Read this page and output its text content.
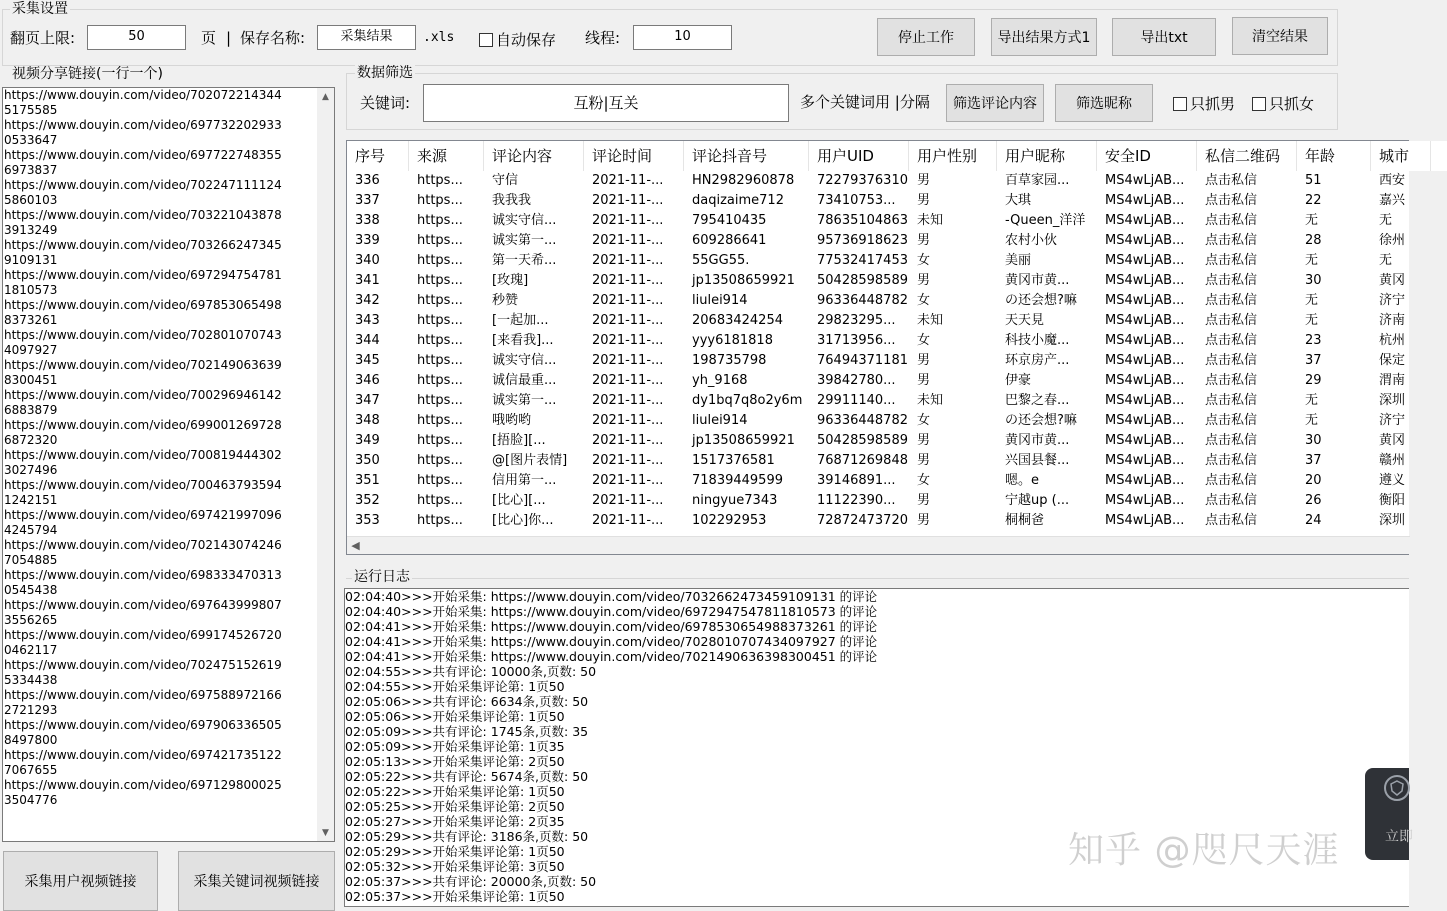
采集设置
翻页上限:	50	页 | 保存名称:	采集结果	.xls	自动保存 线程:	10	停止工作	导出结果方式1	导出txt	清空结果
视频分享链接(一行一个)
https://www.douyin.com/video/702072214344
5175585
https://www.douyin.com/video/697732202933
0533647
https://www.douyin.com/video/697722748355
6973837
https://www.douyin.com/video/702247111124
5860103
https://www.douyin.com/video/703221043878
3913249
https://www.douyin.com/video/703266247345
9109131
https://www.douyin.com/video/697294754781
1810573
https://www.douyin.com/video/697853065498
8373261
https://www.douyin.com/video/702801070743
4097927
https://www.douyin.com/video/702149063639
8300451
https://www.douyin.com/video/700296946142
6883879
https://www.douyin.com/video/699001269728
6872320
https://www.douyin.com/video/700819444302
3027496
https://www.douyin.com/video/700463793594
1242151
https://www.douyin.com/video/697421997096
4245794
https://www.douyin.com/video/702143074246
7054885
https://www.douyin.com/video/698333470313
0545438
https://www.douyin.com/video/697643999807
3556265
https://www.douyin.com/video/699174526720
0462117
https://www.douyin.com/video/702475152619
5334438
https://www.douyin.com/video/697588972166
2721293
https://www.douyin.com/video/697906336505
8497800
https://www.douyin.com/video/697421735122
7067655
https://www.douyin.com/video/697129800025
3504776
▲
▼
采集用户视频链接	采集关键词视频链接
数据筛选
关键词:	互粉|互关	多个关键词用 |分隔	筛选评论内容	筛选昵称	只抓男 只抓女
序号	来源	评论内容	评论时间	评论抖音号	用户UID	用户性别	用户昵称	安全ID	私信二维码	年龄	城市
336	https...	守信	2021-11-...	HN2982960878	72279376310 男	百草家园...	MS4wLjAB...	点击私信	51	西安
337	https...	我我我	2021-11-...	daqizaime712	73410753...	男	大琪	MS4wLjAB...	点击私信	22	嘉兴
338	https...	诚实守信...	2021-11-...	795410435	78635104863 未知	-Queen_洋洋	MS4wLjAB...	点击私信	无	无
339	https...	诚实第一...	2021-11-...	609286641	95736918623 男	农村小伙	MS4wLjAB...	点击私信	28	徐州
340	https...	第一天希...	2021-11-...	55GG55.	77532417453 女	美丽	MS4wLjAB...	点击私信	无	无
341	https...	[玫瑰]	2021-11-...	jp13508659921	50428598589 男	黄冈市黄...	MS4wLjAB...	点击私信	30	黄冈
342	https...	秒赞	2021-11-...	liulei914	96336448782 女	の还会想?嘛	MS4wLjAB...	点击私信	无	济宁
343	https...	[一起加...	2021-11-...	20683424254	29823295...	未知	天天見	MS4wLjAB...	点击私信	无	济南
344	https...	[来看我]...	2021-11-...	yyy6181818	31713956...	女	科技小魔...	MS4wLjAB...	点击私信	23	杭州
345	https...	诚实守信...	2021-11-...	198735798	76494371181 男	环京房产...	MS4wLjAB...	点击私信	37	保定
346	https...	诚信最重...	2021-11-...	yh_9168	39842780...	男	伊豪	MS4wLjAB...	点击私信	29	渭南
347	https...	诚实第一...	2021-11-...	dy1bq7q8o2y6m	29911140...	未知	巴黎之春...	MS4wLjAB...	点击私信	无	深圳
348	https...	哦哟哟	2021-11-...	liulei914	96336448782 女	の还会想?嘛	MS4wLjAB...	点击私信	无	济宁
349	https...	[捂脸][...	2021-11-...	jp13508659921	50428598589 男	黄冈市黄...	MS4wLjAB...	点击私信	30	黄冈
350	https...	@[图片表情]	2021-11-...	1517376581	76871269848 男	兴国县餐...	MS4wLjAB...	点击私信	37	赣州
351	https...	信用第一...	2021-11-...	71839449599	39146891...	女	嗯。e	MS4wLjAB...	点击私信	20	遵义
352	https...	[比心][...	2021-11-...	ningyue7343	11122390...	男	宁越up (...	MS4wLjAB...	点击私信	26	衡阳
353	https...	[比心]你...	2021-11-...	102292953	72872473720 男	桐桐爸	MS4wLjAB...	点击私信	24	深圳
◀
运行日志
02:04:40>>>开始采集: https://www.douyin.com/video/7032662473459109131 的评论
02:04:40>>>开始采集: https://www.douyin.com/video/6972947547811810573 的评论
02:04:41>>>开始采集: https://www.douyin.com/video/6978530654988373261 的评论
02:04:41>>>开始采集: https://www.douyin.com/video/7028010707434097927 的评论
02:04:41>>>开始采集: https://www.douyin.com/video/7021490636398300451 的评论
02:04:55>>>共有评论: 10000条,页数: 50
02:04:55>>>开始采集评论第: 1页50
02:05:06>>>共有评论: 6634条,页数: 50
02:05:06>>>开始采集评论第: 1页50
02:05:09>>>共有评论: 1745条,页数: 35
02:05:09>>>开始采集评论第: 1页35
02:05:13>>>开始采集评论第: 2页50
02:05:22>>>共有评论: 5674条,页数: 50
02:05:22>>>开始采集评论第: 1页50
02:05:25>>>开始采集评论第: 2页50
02:05:27>>>开始采集评论第: 2页35
02:05:29>>>共有评论: 3186条,页数: 50
02:05:29>>>开始采集评论第: 1页50
02:05:32>>>开始采集评论第: 3页50
02:05:37>>>共有评论: 20000条,页数: 50
02:05:37>>>开始采集评论第: 1页50
知乎 @咫尺天涯	立即
